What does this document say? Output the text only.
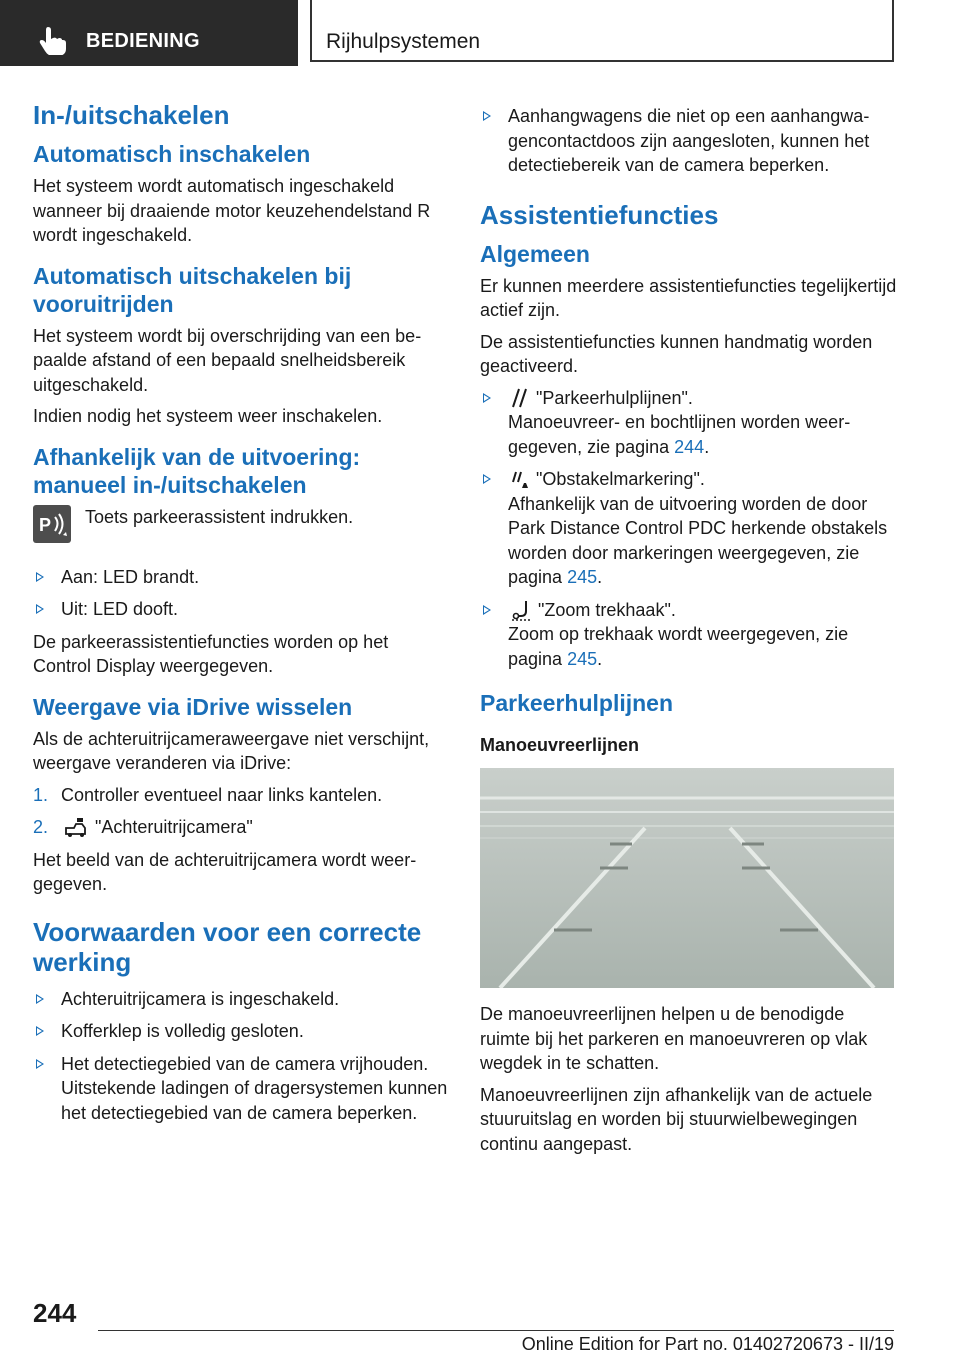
BEDIENING	Rijhulpsystemen
In-/uitschakelen
Automatisch inschakelen

Het systeem wordt automatisch ingeschakeld wanneer bij draaiende motor keuzehendelstand R wordt ingeschakeld.

Automatisch uitschakelen bij vooruitrijden

Het systeem wordt bij overschrijding van een bepaalde afstand of een bepaald snelheidsbereik uitgeschakeld.

Indien nodig het systeem weer inschakelen.

Afhankelijk van de uitvoering: manueel in-/uitschakelen
P Toets parkeerassistent indrukken.
Aan: LED brandt.
Uit: LED dooft.

De parkeerassistentiefuncties worden op het Control Display weergegeven.

Weergave via iDrive wisselen

Als de achteruitrijcameraweergave niet verschijnt, weergave veranderen via iDrive:

1. Controller eventueel naar links kantelen.
2.	"Achteruitrijcamera"

Het beeld van de achteruitrijcamera wordt weergegeven.

Voorwaarden voor een correcte werking
Achteruitrijcamera is ingeschakeld.
Kofferklep is volledig gesloten.
Het detectiegebied van de camera vrijhouden. Uitstekende ladingen of dragersystemen kunnen het detectiegebied van de camera beperken.
Aanhangwagens die niet op een aanhangwagencontactdoos zijn aangesloten, kunnen het detectiebereik van de camera beperken.
Assistentiefuncties
Algemeen

Er kunnen meerdere assistentiefuncties tegelijkertijd actief zijn.

De assistentiefuncties kunnen handmatig worden geactiveerd.

"Parkeerhulplijnen".
Manoeuvreer- en bochtlijnen worden weergegeven, zie pagina 244.
"Obstakelmarkering".
Afhankelijk van de uitvoering worden de door Park Distance Control PDC herkende obstakels worden door markeringen weergegeven, zie pagina 245.
"Zoom trekhaak".
Zoom op trekhaak wordt weergegeven, zie pagina 245.
Parkeerhulplijnen
Manoeuvreerlijnen

De manoeuvreerlijnen helpen u de benodigde ruimte bij het parkeren en manoeuvreren op vlak wegdek in te schatten.

Manoeuvreerlijnen zijn afhankelijk van de actuele stuuruitslag en worden bij stuurwielbewegingen continu aangepast.

244
Online Edition for Part no. 01402720673 - II/19
